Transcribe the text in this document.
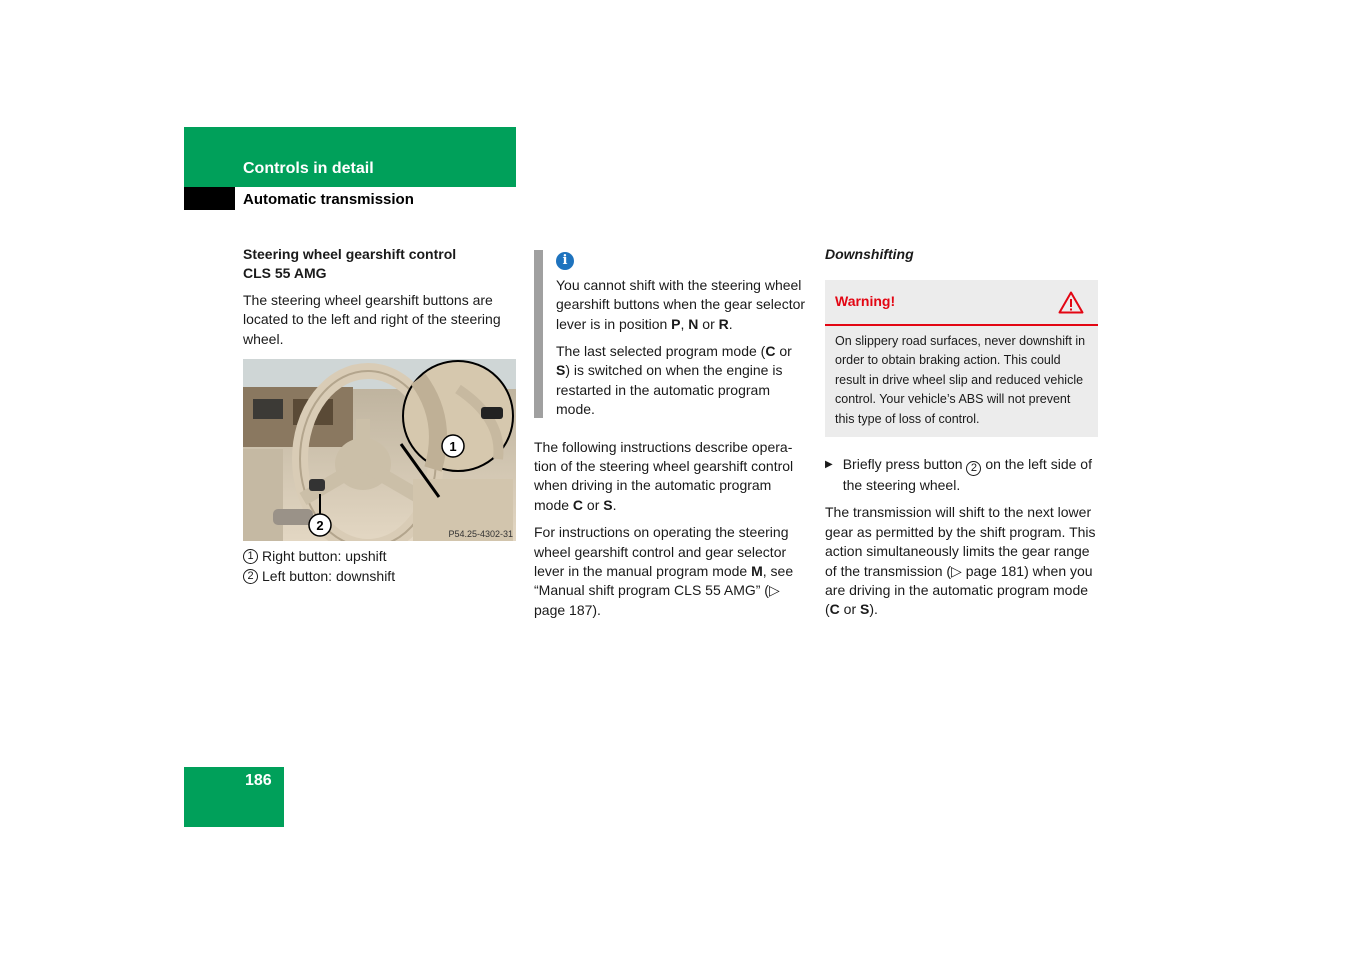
Controls in detail
Automatic transmission
Steering wheel gearshift control
CLS 55 AMG

The steering wheel gearshift buttons are located to the left and right of the steering wheel.

1
2
P54.25-4302-31
1 Right button: upshift
2 Left button: downshift
i

You cannot shift with the steering wheel gearshift buttons when the gear selector lever is in position P, N or R.

The last selected program mode (C or S) is switched on when the engine is restarted in the automatic program mode.

The following instructions describe opera-tion of the steering wheel gearshift control when driving in the automatic program mode C or S.

For instructions on operating the steering wheel gearshift control and gear selector lever in the manual program mode M, see “Manual shift program CLS 55 AMG” (▷ page 187).

Downshifting
Warning!
On slippery road surfaces, never downshift in order to obtain braking action. This could result in drive wheel slip and reduced vehicle control. Your vehicle’s ABS will not prevent this type of loss of control.
▶ Briefly press button 2 on the left side of the steering wheel.

The transmission will shift to the next lower gear as permitted by the shift program. This action simultaneously limits the gear range of the transmission (▷ page 181) when you are driving in the automatic program mode (C or S).

186
